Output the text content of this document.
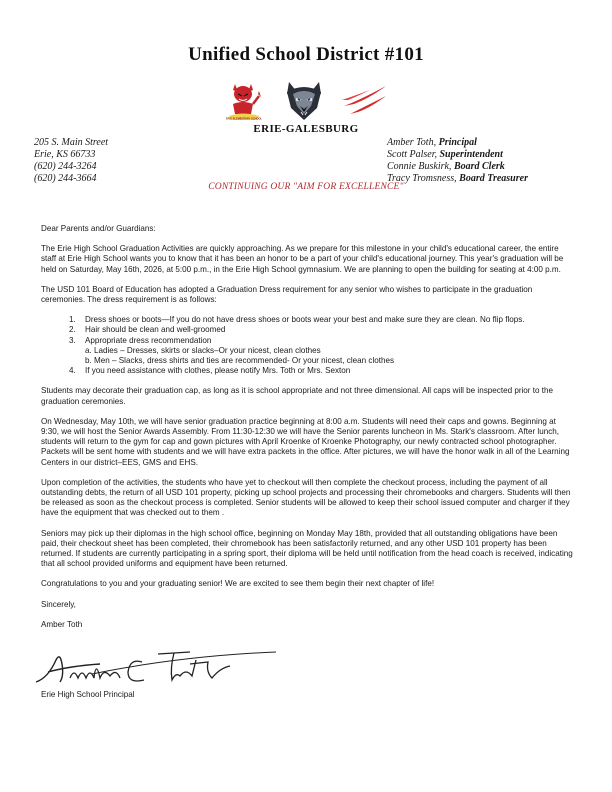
Unified School District #101
ERIE ELEMENTARY SCHOOL
ERIE-GALESBURG
205 S. Main Street
Erie, KS 66733
(620) 244-3264
(620) 244-3664
Amber Toth, Principal
Scott Palser, Superintendent
Connie Buskirk, Board Clerk
Tracy Tromsness, Board Treasurer
CONTINUING OUR "AIM FOR EXCELLENCE"

Dear Parents and/or Guardians:

The Erie High School Graduation Activities are quickly approaching. As we prepare for this milestone in your child's educational career, the entire staff at Erie High School wants you to know that it has been an honor to be a part of your child's educational journey. This year's graduation will be held on Saturday, May 16th, 2026, at 5:00 p.m., in the Erie High School gymnasium. We are planning to open the building for seating at 4:00 p.m.

The USD 101 Board of Education has adopted a Graduation Dress requirement for any senior who wishes to participate in the graduation ceremonies. The dress requirement is as follows:

1. Dress shoes or boots—If you do not have dress shoes or boots wear your best and make sure they are clean. No flip flops.
2. Hair should be clean and well-groomed
3. Appropriate dress recommendation
a. Ladies – Dresses, skirts or slacks–Or your nicest, clean clothes
b. Men – Slacks, dress shirts and ties are recommended- Or your nicest, clean clothes
4. If you need assistance with clothes, please notify Mrs. Toth or Mrs. Sexton

Students may decorate their graduation cap, as long as it is school appropriate and not three dimensional. All caps will be inspected prior to the graduation ceremonies.

On Wednesday, May 10th, we will have senior graduation practice beginning at 8:00 a.m. Students will need their caps and gowns. Beginning at 9:30, we will host the Senior Awards Assembly. From 11:30-12:30 we will have the Senior parents luncheon in Ms. Stark's classroom. After lunch, students will return to the gym for cap and gown pictures with April Kroenke of Kroenke Photography, our newly contracted school photographer. Packets will be sent home with students and we will have extra packets in the office. After pictures, we will have the honor walk in all of the Learning Centers in our district–EES, GMS and EHS.

Upon completion of the activities, the students who have yet to checkout will then complete the checkout process, including the payment of all outstanding debts, the return of all USD 101 property, picking up school projects and processing their chromebooks and chargers. Students will then be released as soon as the checkout process is completed. Senior students will be allowed to keep their school issued computer and charger if they have the equipment that was checked out to them .

Seniors may pick up their diplomas in the high school office, beginning on Monday May 18th, provided that all outstanding obligations have been paid, their checkout sheet has been completed, their chromebook has been satisfactorily returned, and any other USD 101 property has been returned. If students are currently participating in a spring sport, their diploma will be held until notification from the head coach is received, indicating that all school provided uniforms and equipment have been returned.

Congratulations to you and your graduating senior! We are excited to see them begin their next chapter of life!

Sincerely,

Amber Toth

Erie High School Principal
